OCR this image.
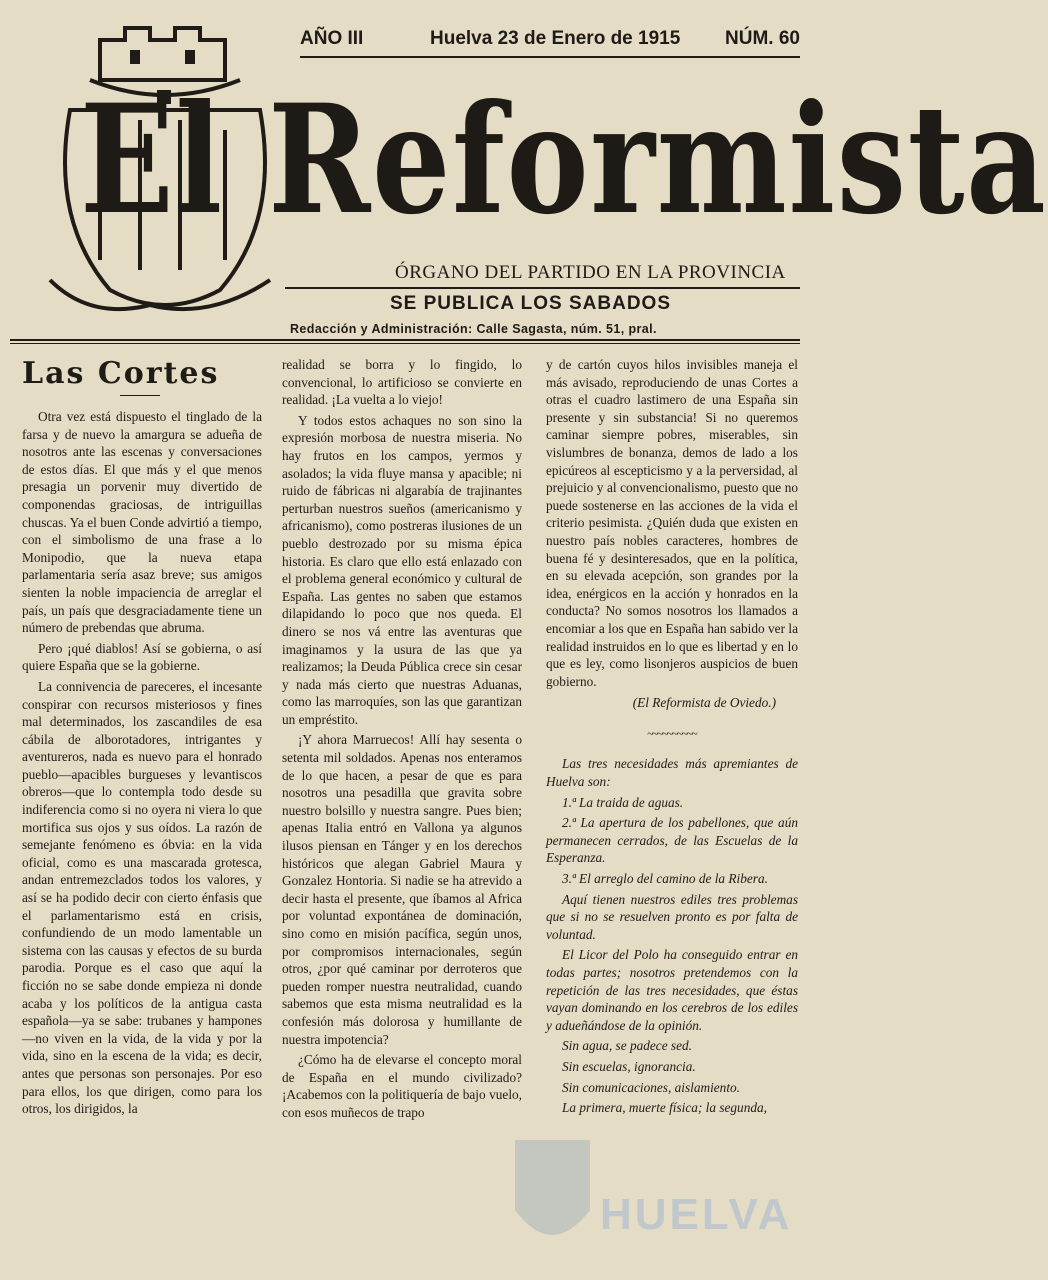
El Reformista
AÑO III	Huelva 23 de Enero de 1915 NÚM. 60
ÓRGANO DEL PARTIDO EN LA PROVINCIA
SE PUBLICA LOS SABADOS
Redacción y Administración: Calle Sagasta, núm. 51, pral.
Las Cortes

Otra vez está dispuesto el tinglado de la farsa y de nuevo la amargura se adueña de nosotros ante las escenas y conversaciones de estos días. El que más y el que menos presagia un porvenir muy divertido de componendas graciosas, de intriguillas chuscas. Ya el buen Conde advirtió a tiempo, con el simbolismo de una frase a lo Monipodio, que la nueva etapa parlamentaria sería asaz breve; sus amigos sienten la noble impaciencia de arreglar el país, un país que desgraciadamente tiene un número de prebendas que abruma.

Pero ¡qué diablos! Así se gobierna, o así quiere España que se la gobierne.

La connivencia de pareceres, el incesante conspirar con recursos misteriosos y fines mal determinados, los zascandiles de esa cábila de alborotadores, intrigantes y aventureros, nada es nuevo para el honrado pueblo—apacibles burgueses y levantiscos obreros—que lo contempla todo desde su indiferencia como si no oyera ni viera lo que mortifica sus ojos y sus oídos. La razón de semejante fenómeno es óbvia: en la vida oficial, como es una mascarada grotesca, andan entremezclados todos los valores, y así se ha podido decir con cierto énfasis que el parlamentarismo está en crisis, confundiendo de un modo lamentable un sistema con las causas y efectos de su burda parodia. Porque es el caso que aquí la ficción no se sabe donde empieza ni donde acaba y los políticos de la antigua casta española—ya se sabe: trubanes y hampones—no viven en la vida, de la vida y por la vida, sino en la escena de la vida; es decir, antes que personas son personajes. Por eso para ellos, los que dirigen, como para los otros, los dirigidos, la

realidad se borra y lo fingido, lo convencional, lo artificioso se convierte en realidad. ¡La vuelta a lo viejo!

Y todos estos achaques no son sino la expresión morbosa de nuestra miseria. No hay frutos en los campos, yermos y asolados; la vida fluye mansa y apacible; ni ruido de fábricas ni algarabía de trajinantes perturban nuestros sueños (americanismo y africanismo), como postreras ilusiones de un pueblo destrozado por su misma épica historia. Es claro que ello está enlazado con el problema general económico y cultural de España. Las gentes no saben que estamos dilapidando lo poco que nos queda. El dinero se nos vá entre las aventuras que imaginamos y la usura de las que ya realizamos; la Deuda Pública crece sin cesar y nada más cierto que nuestras Aduanas, como las marroquíes, son las que garantizan un empréstito.

¡Y ahora Marruecos! Allí hay sesenta o setenta mil soldados. Apenas nos enteramos de lo que hacen, a pesar de que es para nosotros una pesadilla que gravita sobre nuestro bolsillo y nuestra sangre. Pues bien; apenas Italia entró en Vallona ya algunos ilusos piensan en Tánger y en los derechos históricos que alegan Gabriel Maura y Gonzalez Hontoria. Si nadie se ha atrevido a decir hasta el presente, que íbamos al Africa por voluntad expontánea de dominación, sino como en misión pacífica, según unos, por compromisos internacionales, según otros, ¿por qué caminar por derroteros que pueden romper nuestra neutralidad, cuando sabemos que esta misma neutralidad es la confesión más dolorosa y humillante de nuestra impotencia?

¿Cómo ha de elevarse el concepto moral de España en el mundo civilizado? ¡Acabemos con la politiquería de bajo vuelo, con esos muñecos de trapo

y de cartón cuyos hilos invisibles maneja el más avisado, reproduciendo de unas Cortes a otras el cuadro lastimero de una España sin presente y sin substancia! Si no queremos caminar siempre pobres, miserables, sin vislumbres de bonanza, demos de lado a los epicúreos al escepticismo y a la perversidad, al prejuicio y al convencionalismo, puesto que no puede sostenerse en las acciones de la vida el criterio pesimista. ¿Quién duda que existen en nuestro país nobles caracteres, hombres de buena fé y desinteresados, que en la política, en su elevada acepción, son grandes por la idea, enérgicos en la acción y honrados en la conducta? No somos nosotros los llamados a encomiar a los que en España han sabido ver la realidad instruidos en lo que es libertad y en lo que es ley, como lisonjeros auspicios de buen gobierno.

(El Reformista de Oviedo.)
~~~~~~~~~~

Las tres necesidades más apremiantes de Huelva son:

1.ª La traida de aguas.

2.ª La apertura de los pabellones, que aún permanecen cerrados, de las Escuelas de la Esperanza.

3.ª El arreglo del camino de la Ribera.

Aquí tienen nuestros ediles tres problemas que si no se resuelven pronto es por falta de voluntad.

El Licor del Polo ha conseguido entrar en todas partes; nosotros pretendemos con la repetición de las tres necesidades, que éstas vayan dominando en los cerebros de los ediles y adueñándose de la opinión.

Sin agua, se padece sed.

Sin escuelas, ignorancia.

Sin comunicaciones, aislamiento.

La primera, muerte física; la segunda,

HUELVA
